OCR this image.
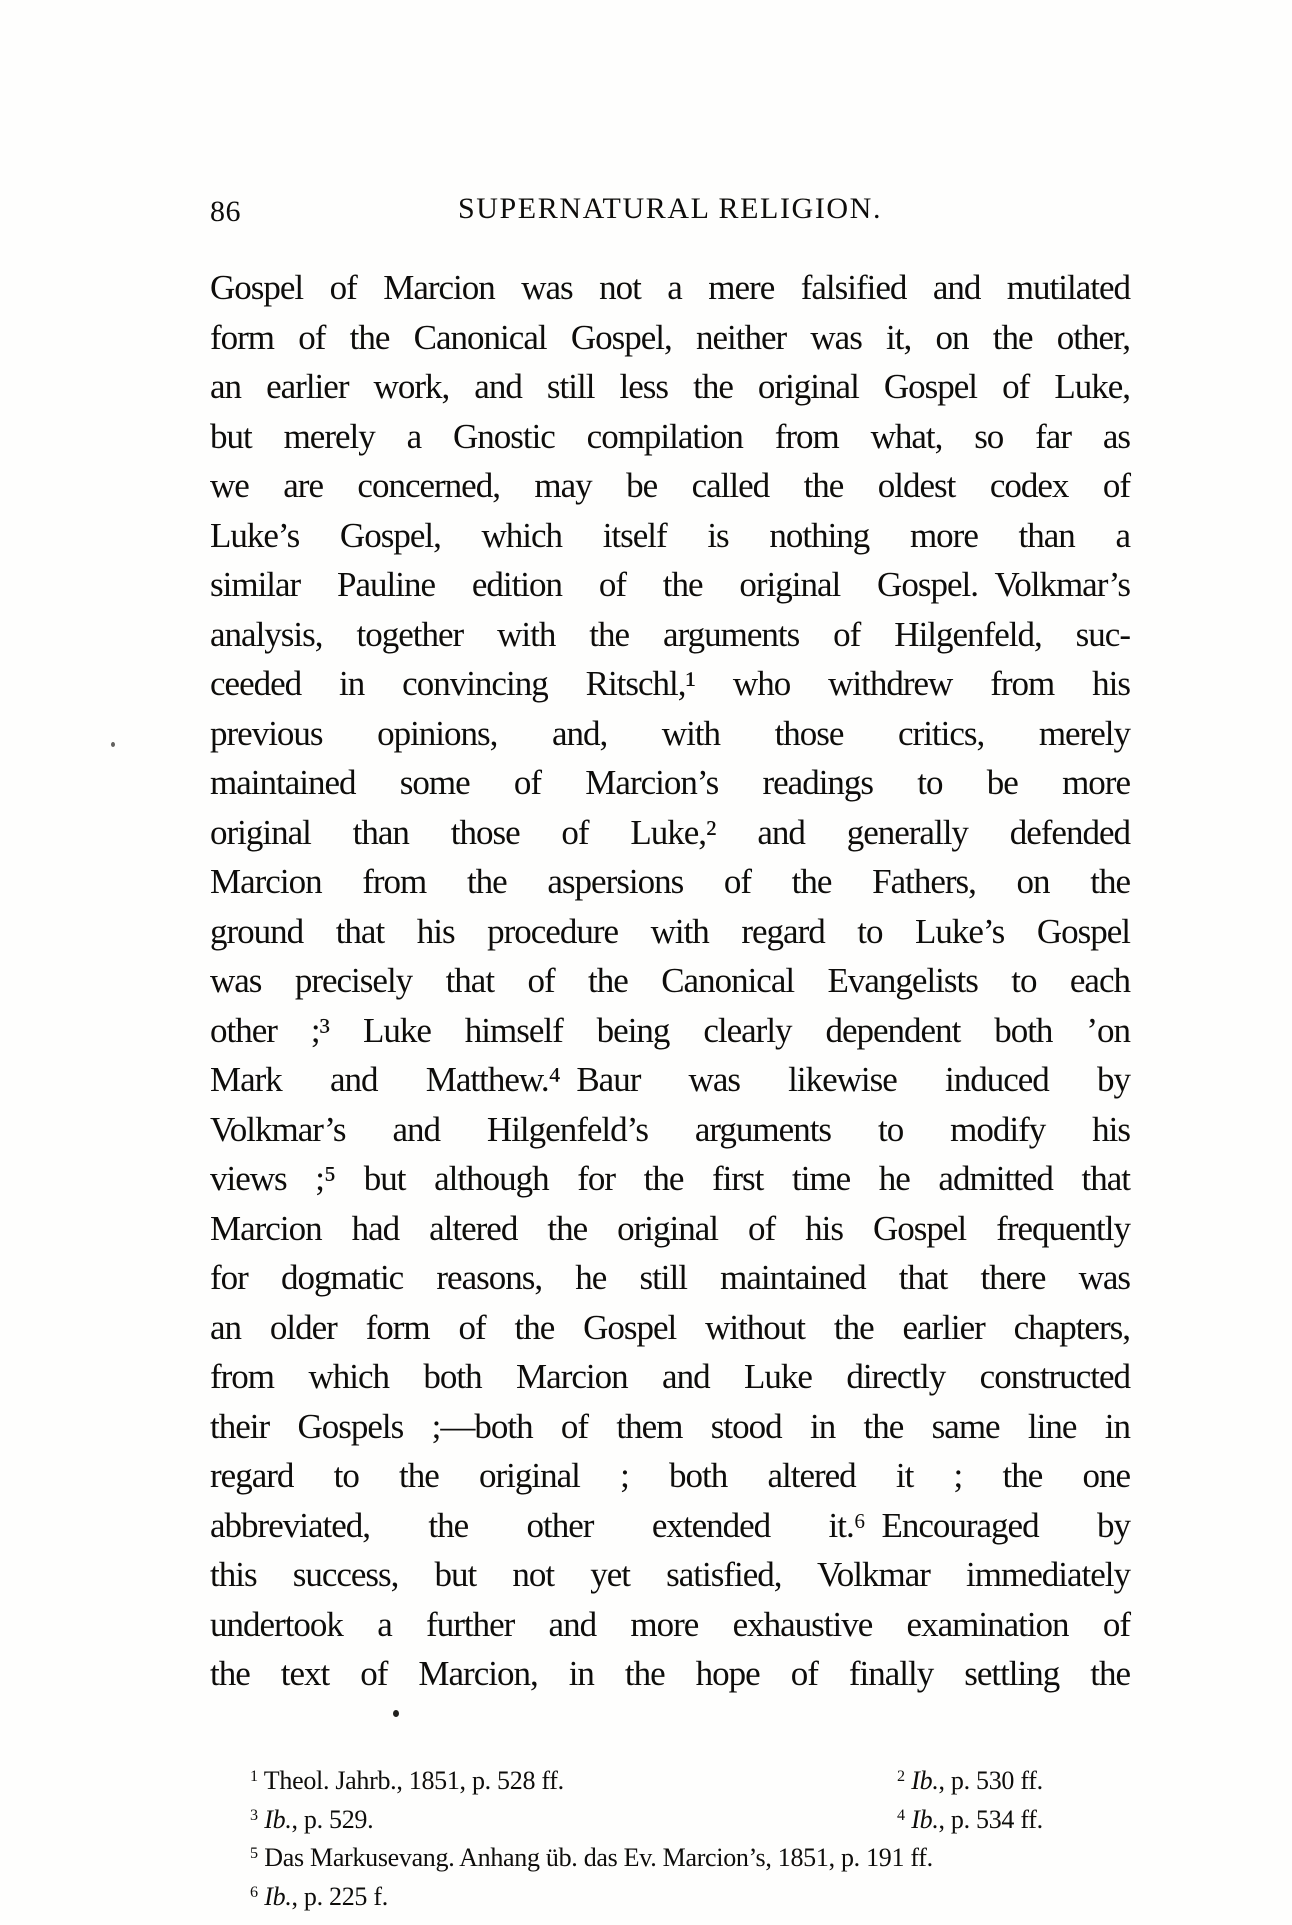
86	SUPERNATURAL RELIGION.
Gospel of Marcion was not a mere falsified and mutilated
form of the Canonical Gospel, neither was it, on the other,
an earlier work, and still less the original Gospel of Luke,
but merely a Gnostic compilation from what, so far as
we are concerned, may be called the oldest codex of
Luke’s Gospel, which itself is nothing more than a
similar Pauline edition of the original Gospel. Volkmar’s
analysis, together with the arguments of Hilgenfeld, suc-
ceeded in convincing Ritschl,¹ who withdrew from his
previous opinions, and, with those critics, merely
maintained some of Marcion’s readings to be more
original than those of Luke,² and generally defended
Marcion from the aspersions of the Fathers, on the
ground that his procedure with regard to Luke’s Gospel
was precisely that of the Canonical Evangelists to each
other ;³ Luke himself being clearly dependent both ’on
Mark and Matthew.⁴ Baur was likewise induced by
Volkmar’s and Hilgenfeld’s arguments to modify his
views ;⁵ but although for the first time he admitted that
Marcion had altered the original of his Gospel frequently
for dogmatic reasons, he still maintained that there was
an older form of the Gospel without the earlier chapters,
from which both Marcion and Luke directly constructed
their Gospels ;—both of them stood in the same line in
regard to the original ; both altered it ; the one
abbreviated, the other extended it.⁶ Encouraged by
this success, but not yet satisfied, Volkmar immediately
undertook a further and more exhaustive examination of
the text of Marcion, in the hope of finally settling the
$^1$ Theol. Jahrb., 1851, p. 528 ff.	$^2$ Ib., p. 530 ff.
$^3$ Ib., p. 529.	$^4$ Ib., p. 534 ff.
$^5$ Das Markusevang. Anhang üb. das Ev. Marcion’s, 1851, p. 191 ff.
$^6$ Ib., p. 225 f.
